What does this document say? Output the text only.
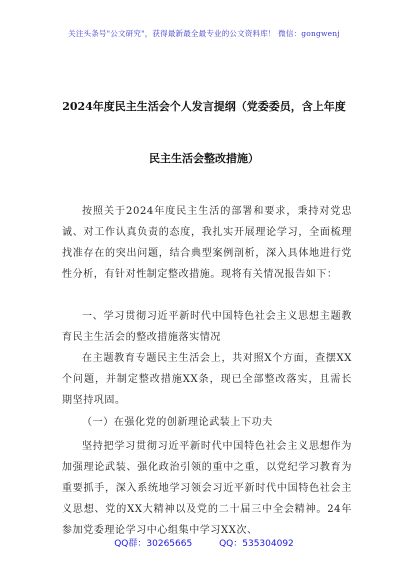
关注头条号"公文研究"，获得最新最全最专业的公文资料库！ 微信：gongwenj
2024年度民主生活会个人发言提纲（党委委员，含上年度
民主生活会整改措施）
按照关于2024年度民主生活的部署和要求，秉持对党忠诚、对工作认真负责的态度，我扎实开展理论学习，全面梳理找准存在的突出问题，结合典型案例剖析，深入具体地进行党性分析，有针对性制定整改措施。现将有关情况报告如下：
一、学习贯彻习近平新时代中国特色社会主义思想主题教育民主生活会的整改措施落实情况
在主题教育专题民主生活会上，共对照X个方面，查摆XX个问题，并制定整改措施XX条，现已全部整改落实，且需长期坚持巩固。
（一）在强化党的创新理论武装上下功夫
坚持把学习贯彻习近平新时代中国特色社会主义思想作为加强理论武装、强化政治引领的重中之重，以党纪学习教育为重要抓手，深入系统地学习领会习近平新时代中国特色社会主义思想、党的XX大精神以及党的二十届三中全会精神。24年参加党委理论学习中心组集中学习XX次、
QQ群：30265665	QQ：535304092
